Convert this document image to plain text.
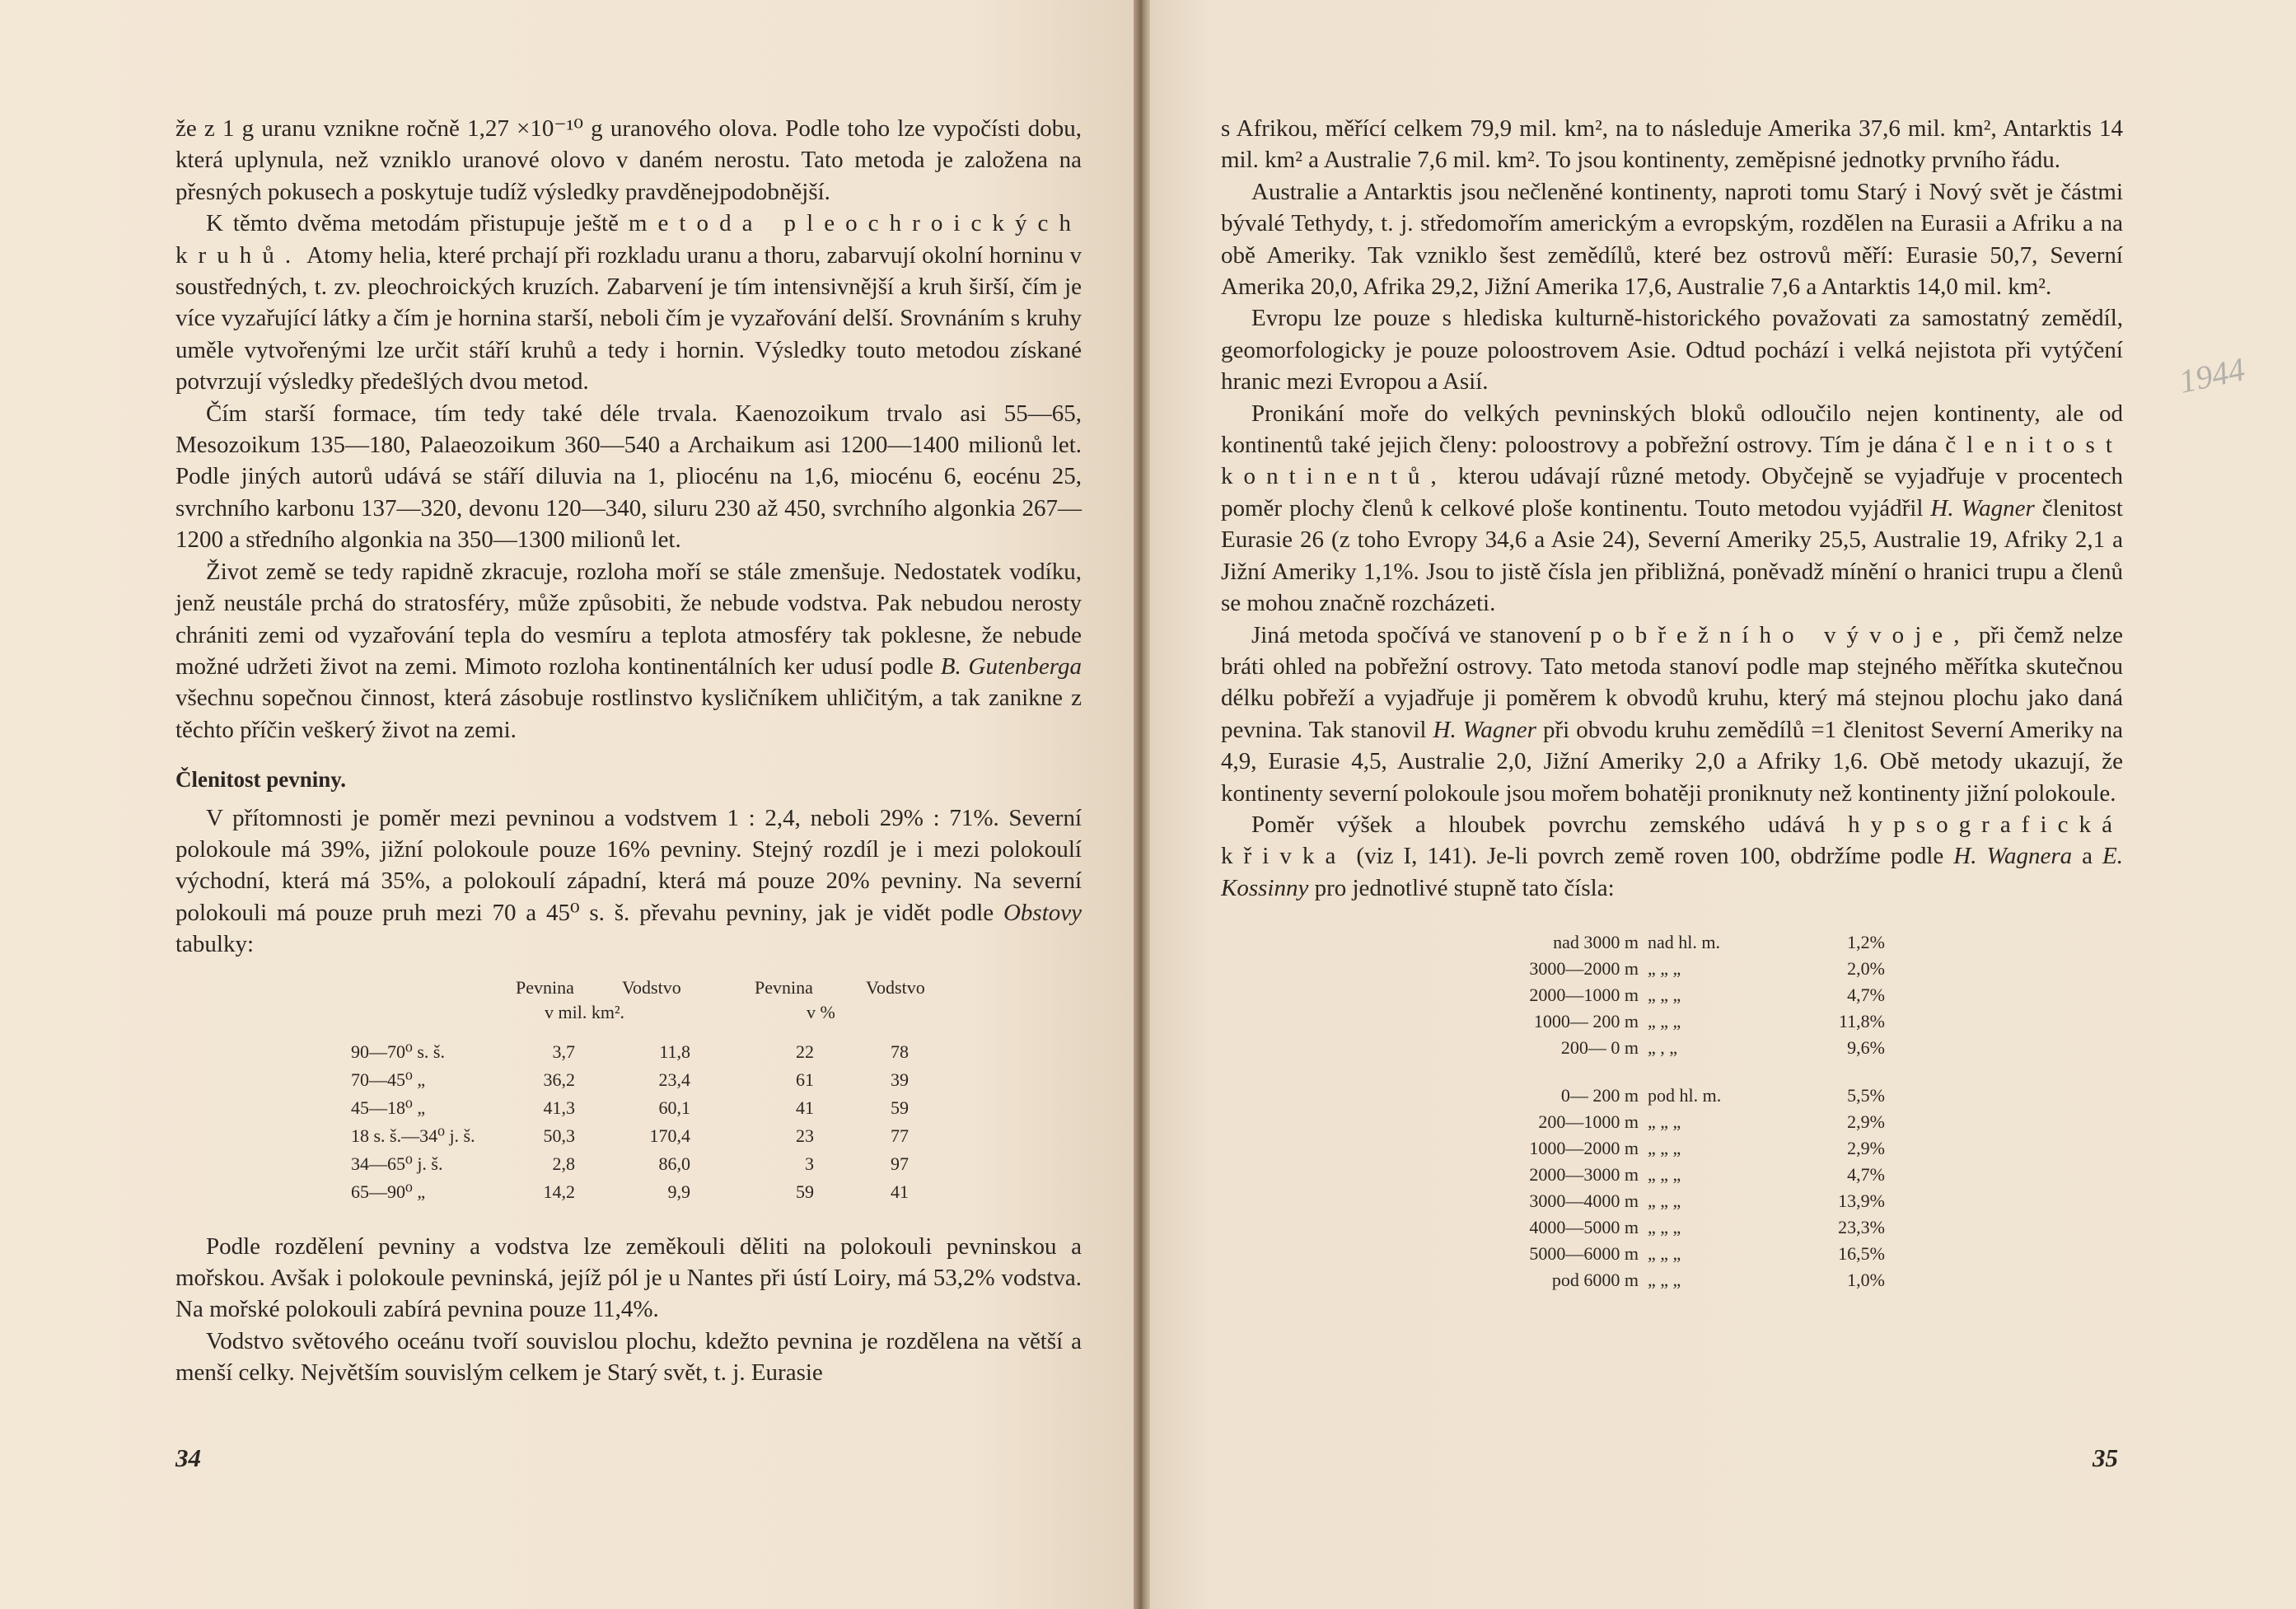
že z 1 g uranu vznikne ročně 1,27 ×10⁻¹⁰ g uranového olova. Podle toho lze vypočísti dobu, která uplynula, než vzniklo uranové olovo v daném nerostu. Tato metoda je založena na přesných pokusech a poskytuje tudíž výsledky pravděnejpodobnější.

K těmto dvěma metodám přistupuje ještě metoda pleochroických kruhů. Atomy helia, které prchají při rozkladu uranu a thoru, zabarvují okolní horninu v soustředných, t. zv. pleochroických kruzích. Zabarvení je tím intensivnější a kruh širší, čím je více vyzařující látky a čím je hornina starší, neboli čím je vyzařování delší. Srovnáním s kruhy uměle vytvořenými lze určit stáří kruhů a tedy i hornin. Výsledky touto metodou získané potvrzují výsledky předešlých dvou metod.

Čím starší formace, tím tedy také déle trvala. Kaenozoikum trvalo asi 55—65, Mesozoikum 135—180, Palaeozoikum 360—540 a Archaikum asi 1200—1400 milionů let. Podle jiných autorů udává se stáří diluvia na 1, pliocénu na 1,6, miocénu 6, eocénu 25, svrchního karbonu 137—320, devonu 120—340, siluru 230 až 450, svrchního algonkia 267—1200 a středního algonkia na 350—1300 milionů let.

Život země se tedy rapidně zkracuje, rozloha moří se stále zmenšuje. Nedostatek vodíku, jenž neustále prchá do stratosféry, může způsobiti, že nebude vodstva. Pak nebudou nerosty chrániti zemi od vyzařování tepla do vesmíru a teplota atmosféry tak poklesne, že nebude možné udržeti život na zemi. Mimoto rozloha kontinentálních ker udusí podle B. Gutenberga všechnu sopečnou činnost, která zásobuje rostlinstvo kysličníkem uhličitým, a tak zanikne z těchto příčin veškerý život na zemi.

Členitost pevniny.

V přítomnosti je poměr mezi pevninou a vodstvem 1 : 2,4, neboli 29% : 71%. Severní polokoule má 39%, jižní polokoule pouze 16% pevniny. Stejný rozdíl je i mezi polokoulí východní, která má 35%, a polokoulí západní, která má pouze 20% pevniny. Na severní polokouli má pouze pruh mezi 70 a 45⁰ s. š. převahu pevniny, jak je vidět podle Obstovy tabulky:

Pevnina	Vodstvo	Pevnina	Vodstvo
v mil. km².	v %
90—70⁰ s. š.	3,7	11,8	22	78
70—45⁰ „	36,2	23,4	61	39
45—18⁰ „	41,3	60,1	41	59
18 s. š.—34⁰ j. š.	50,3	170,4	23	77
34—65⁰ j. š.	2,8	86,0	3	97
65—90⁰ „	14,2	9,9	59	41

Podle rozdělení pevniny a vodstva lze zeměkouli děliti na polokouli pevninskou a mořskou. Avšak i polokoule pevninská, jejíž pól je u Nantes při ústí Loiry, má 53,2% vodstva. Na mořské polokouli zabírá pevnina pouze 11,4%.

Vodstvo světového oceánu tvoří souvislou plochu, kdežto pevnina je rozdělena na větší a menší celky. Největším souvislým celkem je Starý svět, t. j. Eurasie

34

s Afrikou, měřící celkem 79,9 mil. km², na to následuje Amerika 37,6 mil. km², Antarktis 14 mil. km² a Australie 7,6 mil. km². To jsou kontinenty, zeměpisné jednotky prvního řádu.

Australie a Antarktis jsou nečleněné kontinenty, naproti tomu Starý i Nový svět je částmi bývalé Tethydy, t. j. středomořím americkým a evropským, rozdělen na Eurasii a Afriku a na obě Ameriky. Tak vzniklo šest zemědílů, které bez ostrovů měří: Eurasie 50,7, Severní Amerika 20,0, Afrika 29,2, Jižní Amerika 17,6, Australie 7,6 a Antarktis 14,0 mil. km².

Evropu lze pouze s hlediska kulturně-historického považovati za samostatný zemědíl, geomorfologicky je pouze poloostrovem Asie. Odtud pochází i velká nejistota při vytýčení hranic mezi Evropou a Asií.

Pronikání moře do velkých pevninských bloků odloučilo nejen kontinenty, ale od kontinentů také jejich členy: poloostrovy a pobřežní ostrovy. Tím je dána členitost kontinentů, kterou udávají různé metody. Obyčejně se vyjadřuje v procentech poměr plochy členů k celkové ploše kontinentu. Touto metodou vyjádřil H. Wagner členitost Eurasie 26 (z toho Evropy 34,6 a Asie 24), Severní Ameriky 25,5, Australie 19, Afriky 2,1 a Jižní Ameriky 1,1%. Jsou to jistě čísla jen přibližná, poněvadž mínění o hranici trupu a členů se mohou značně rozcházeti.

Jiná metoda spočívá ve stanovení pobřežního vývoje, při čemž nelze bráti ohled na pobřežní ostrovy. Tato metoda stanoví podle map stejného měřítka skutečnou délku pobřeží a vyjadřuje ji poměrem k obvodů kruhu, který má stejnou plochu jako daná pevnina. Tak stanovil H. Wagner při obvodu kruhu zemědílů =1 členitost Severní Ameriky na 4,9, Eurasie 4,5, Australie 2,0, Jižní Ameriky 2,0 a Afriky 1,6. Obě metody ukazují, že kontinenty severní polokoule jsou mořem bohatěji proniknuty než kontinenty jižní polokoule.

Poměr výšek a hloubek povrchu zemského udává hypsografická křivka (viz I, 141). Je-li povrch země roven 100, obdržíme podle H. Wagnera a E. Kossinny pro jednotlivé stupně tato čísla:

nad 3000 m nad hl. m.	1,2%
3000—2000 m „ „ „	2,0%
2000—1000 m „ „ „	4,7%
1000— 200 m „ „ „	11,8%
200— 0 m „ , „	9,6%
0— 200 m pod hl. m.	5,5%
200—1000 m „ „ „	2,9%
1000—2000 m „ „ „	2,9%
2000—3000 m „ „ „	4,7%
3000—4000 m „ „ „	13,9%
4000—5000 m „ „ „	23,3%
5000—6000 m „ „ „	16,5%
pod 6000 m „ „ „	1,0%
35
1944
